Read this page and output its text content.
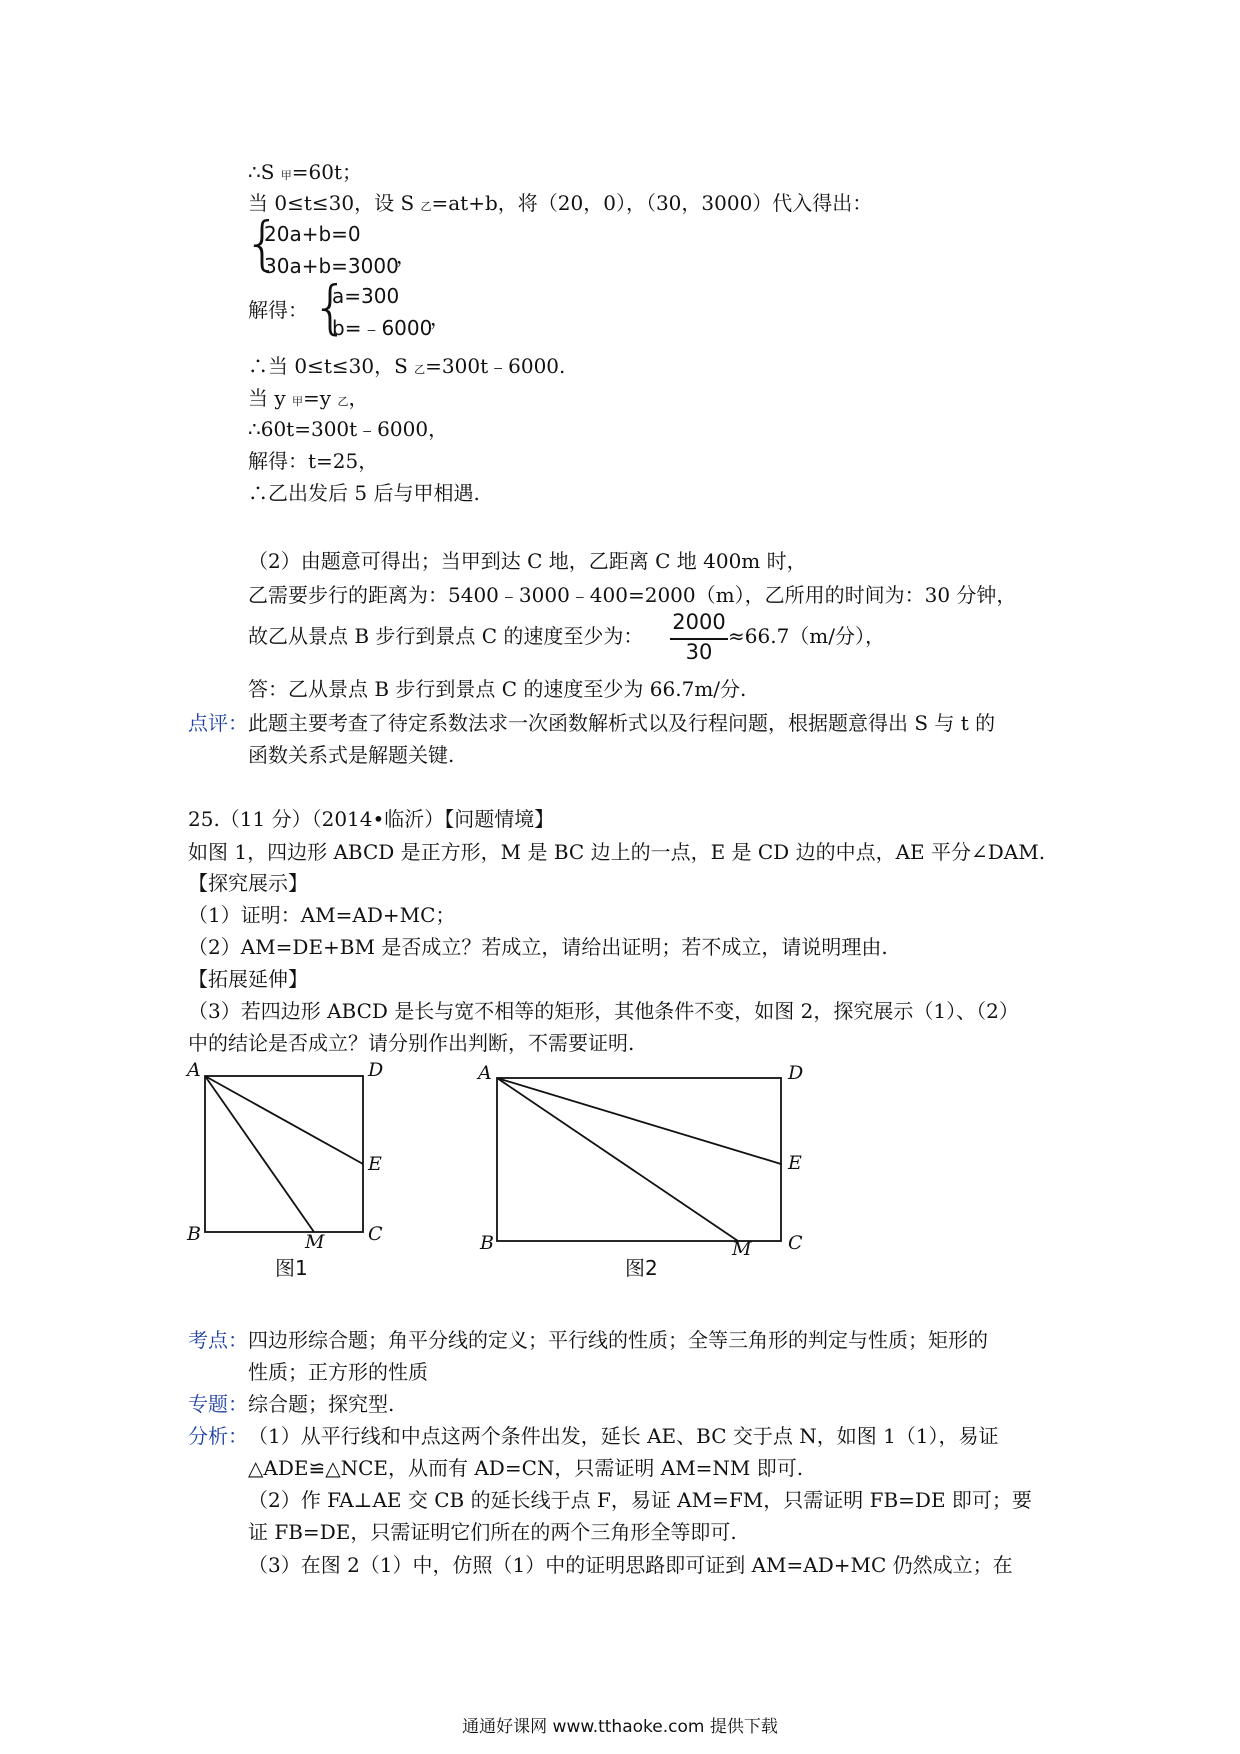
∴S 甲=60t；
当 0≤t≤30，设 S 乙=at+b，将（20，0），（30，3000）代入得出：
{
20a+b=0
30a+b=3000
，
解得： {
a=300
b=﹣6000
，
∴当 0≤t≤30，S 乙=300t﹣6000.
当 y 甲=y 乙，
∴60t=300t﹣6000，
解得：t=25，
∴乙出发后 5 后与甲相遇.
（2）由题意可得出；当甲到达 C 地，乙距离 C 地 400m 时，
乙需要步行的距离为：5400﹣3000﹣400=2000（m），乙所用的时间为：30 分钟，
故乙从景点 B 步行到景点 C 的速度至少为：
2000
30
≈66.7（m/分），
答：乙从景点 B 步行到景点 C 的速度至少为 66.7m/分.
点评： 此题主要考查了待定系数法求一次函数解析式以及行程问题，根据题意得出 S 与 t 的
函数关系式是解题关键.
25.（11 分）（2014•临沂）【问题情境】
如图 1，四边形 ABCD 是正方形，M 是 BC 边上的一点，E 是 CD 边的中点，AE 平分∠DAM.
【探究展示】
（1）证明：AM=AD+MC；
（2）AM=DE+BM 是否成立？若成立，请给出证明；若不成立，请说明理由.
【拓展延伸】
（3）若四边形 ABCD 是长与宽不相等的矩形，其他条件不变，如图 2，探究展示（1）、（2）
中的结论是否成立？请分别作出判断，不需要证明.
A	D
E
B	M C
图1
A	D
E
B	M C
图2
考点： 四边形综合题；角平分线的定义；平行线的性质；全等三角形的判定与性质；矩形的
性质；正方形的性质
专题： 综合题；探究型.
分析： （1）从平行线和中点这两个条件出发，延长 AE、BC 交于点 N，如图 1（1），易证
△ADE≌△NCE，从而有 AD=CN，只需证明 AM=NM 即可.
（2）作 FA⊥AE 交 CB 的延长线于点 F，易证 AM=FM，只需证明 FB=DE 即可；要
证 FB=DE，只需证明它们所在的两个三角形全等即可.
（3）在图 2（1）中，仿照（1）中的证明思路即可证到 AM=AD+MC 仍然成立；在
通通好课网 www.tthaoke.com 提供下载
